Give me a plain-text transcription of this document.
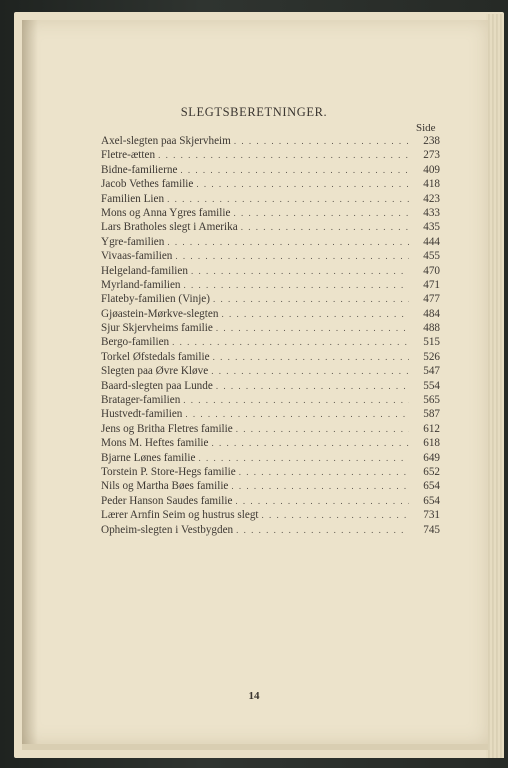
SLEGTSBERETNINGER.
Side
Axel-slegten paa Skjervheim . . .	238
Fletre-ætten . . .	273
Bidne-familierne . . .	409
Jacob Vethes familie . . .	418
Familien Lien . . .	423
Mons og Anna Ygres familie . . .	433
Lars Bratholes slegt i Amerika . . .	435
Ygre-familien . . .	444
Vivaas-familien . . .	455
Helgeland-familien . . .	470
Myrland-familien . . .	471
Flateby-familien (Vinje) . . .	477
Gjøastein-Mørkve-slegten . . .	484
Sjur Skjervheims familie . . .	488
Bergo-familien . . .	515
Torkel Øfstedals familie . . .	526
Slegten paa Øvre Kløve . . .	547
Baard-slegten paa Lunde . . .	554
Bratager-familien . . .	565
Hustvedt-familien . . .	587
Jens og Britha Fletres familie . . .	612
Mons M. Heftes familie . . .	618
Bjarne Lønes familie . . .	649
Torstein P. Store-Hegs familie . . .	652
Nils og Martha Bøes familie . . .	654
Peder Hanson Saudes familie . . .	654
Lærer Arnfin Seim og hustrus slegt . . .	731
Opheim-slegten i Vestbygden . . .	745
14
